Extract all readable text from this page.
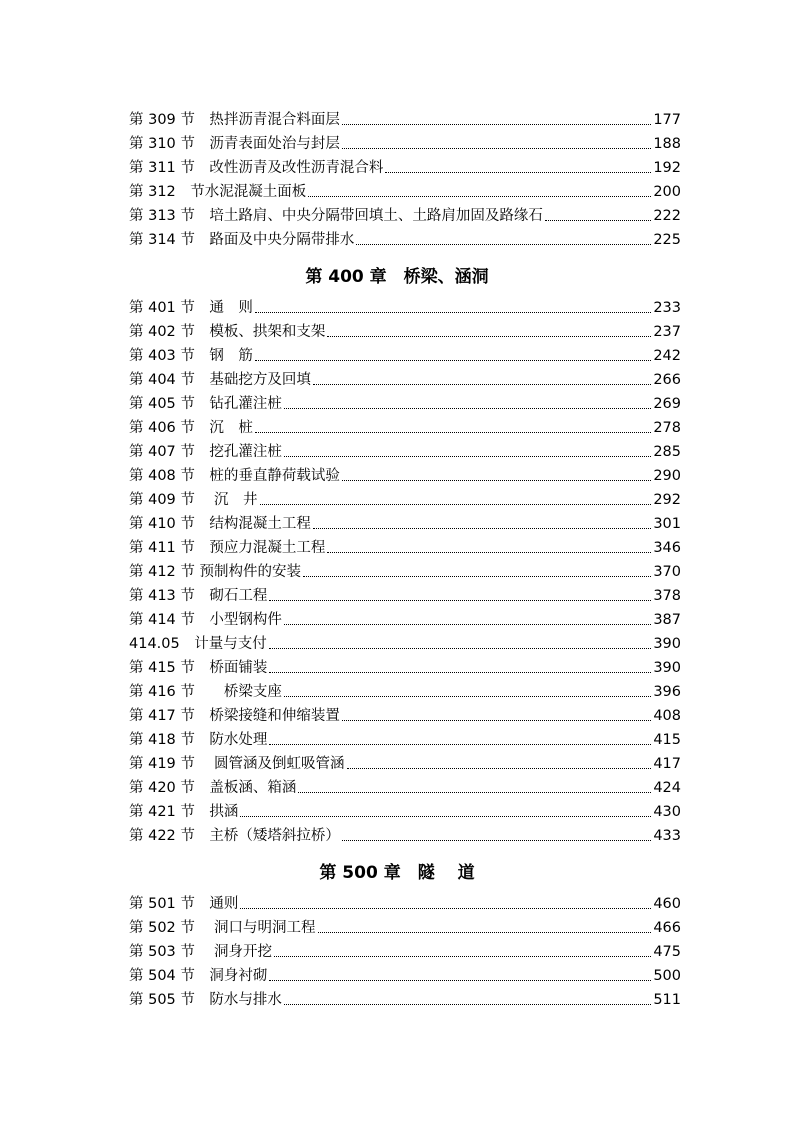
第 309 节　热拌沥青混合料面层	177
第 310 节　沥青表面处治与封层	188
第 311 节　改性沥青及改性沥青混合料	192
第 312　节水泥混凝土面板	200
第 313 节　培土路肩、中央分隔带回填土、土路肩加固及路缘石	222
第 314 节　路面及中央分隔带排水	225
第 400 章　桥梁、涵洞
第 401 节　通　则	233
第 402 节　模板、拱架和支架	237
第 403 节　钢　筋	242
第 404 节　基础挖方及回填	266
第 405 节　钻孔灌注桩	269
第 406 节　沉　桩	278
第 407 节　挖孔灌注桩	285
第 408 节　桩的垂直静荷载试验	290
第 409 节　 沉　井	292
第 410 节　结构混凝土工程	301
第 411 节　预应力混凝土工程	346
第 412 节 预制构件的安装	370
第 413 节　砌石工程	378
第 414 节　小型钢构件	387
414.05　计量与支付	390
第 415 节　桥面铺装	390
第 416 节　　桥梁支座	396
第 417 节　桥梁接缝和伸缩装置	408
第 418 节　防水处理	415
第 419 节　 圆管涵及倒虹吸管涵	417
第 420 节　盖板涵、箱涵	424
第 421 节　拱涵	430
第 422 节　主桥（矮塔斜拉桥）	433
第 500 章　隧　 道
第 501 节　通则	460
第 502 节　 洞口与明洞工程	466
第 503 节　 洞身开挖	475
第 504 节　洞身衬砌	500
第 505 节　防水与排水	511
